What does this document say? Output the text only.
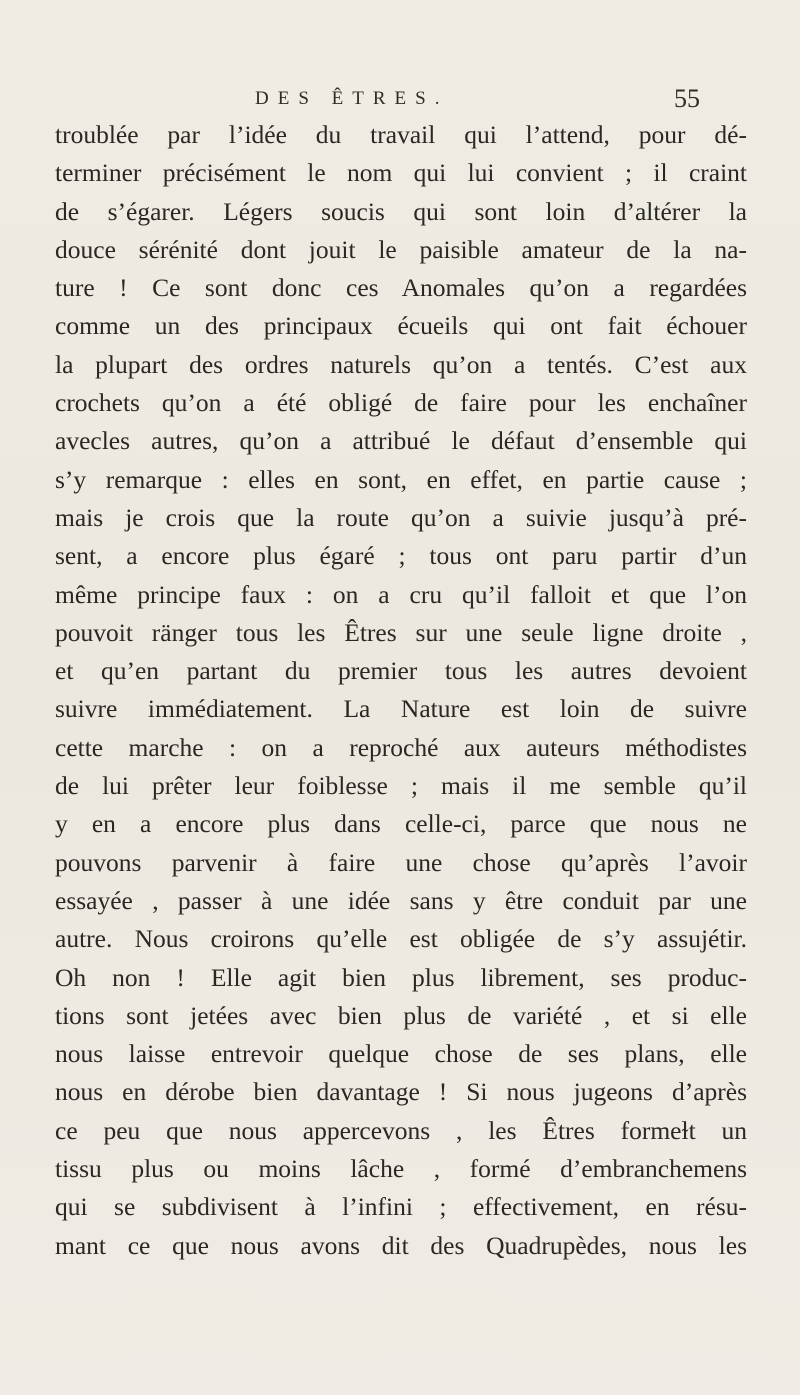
DES ÊTRES.	55
troublée par l’idée du travail qui l’attend, pour dé-
terminer précisément le nom qui lui convient ; il craint
de s’égarer. Légers soucis qui sont loin d’altérer la
douce sérénité dont jouit le paisible amateur de la na-
ture ! Ce sont donc ces Anomales qu’on a regardées
comme un des principaux écueils qui ont fait échouer
la plupart des ordres naturels qu’on a tentés. C’est aux
crochets qu’on a été obligé de faire pour les enchaîner
avecles autres, qu’on a attribué le défaut d’ensemble qui
s’y remarque : elles en sont, en effet, en partie cause ;
mais je crois que la route qu’on a suivie jusqu’à pré-
sent, a encore plus égaré ; tous ont paru partir d’un
même principe faux : on a cru qu’il falloit et que l’on
pouvoit ränger tous les Êtres sur une seule ligne droite ,
et qu’en partant du premier tous les autres devoient
suivre immédiatement. La Nature est loin de suivre
cette marche : on a reproché aux auteurs méthodistes
de lui prêter leur foiblesse ; mais il me semble qu’il
y en a encore plus dans celle-ci, parce que nous ne
pouvons parvenir à faire une chose qu’après l’avoir
essayée , passer à une idée sans y être conduit par une
autre. Nous croirons qu’elle est obligée de s’y assujétir.
Oh non ! Elle agit bien plus librement, ses produc-
tions sont jetées avec bien plus de variété , et si elle
nous laisse entrevoir quelque chose de ses plans, elle
nous en dérobe bien davantage ! Si nous jugeons d’après
ce peu que nous appercevons , les Êtres formeɫt un
tissu plus ou moins lâche , formé d’embranchemens
qui se subdivisent à l’infini ; effectivement, en résu-
mant ce que nous avons dit des Quadrupèdes, nous les
